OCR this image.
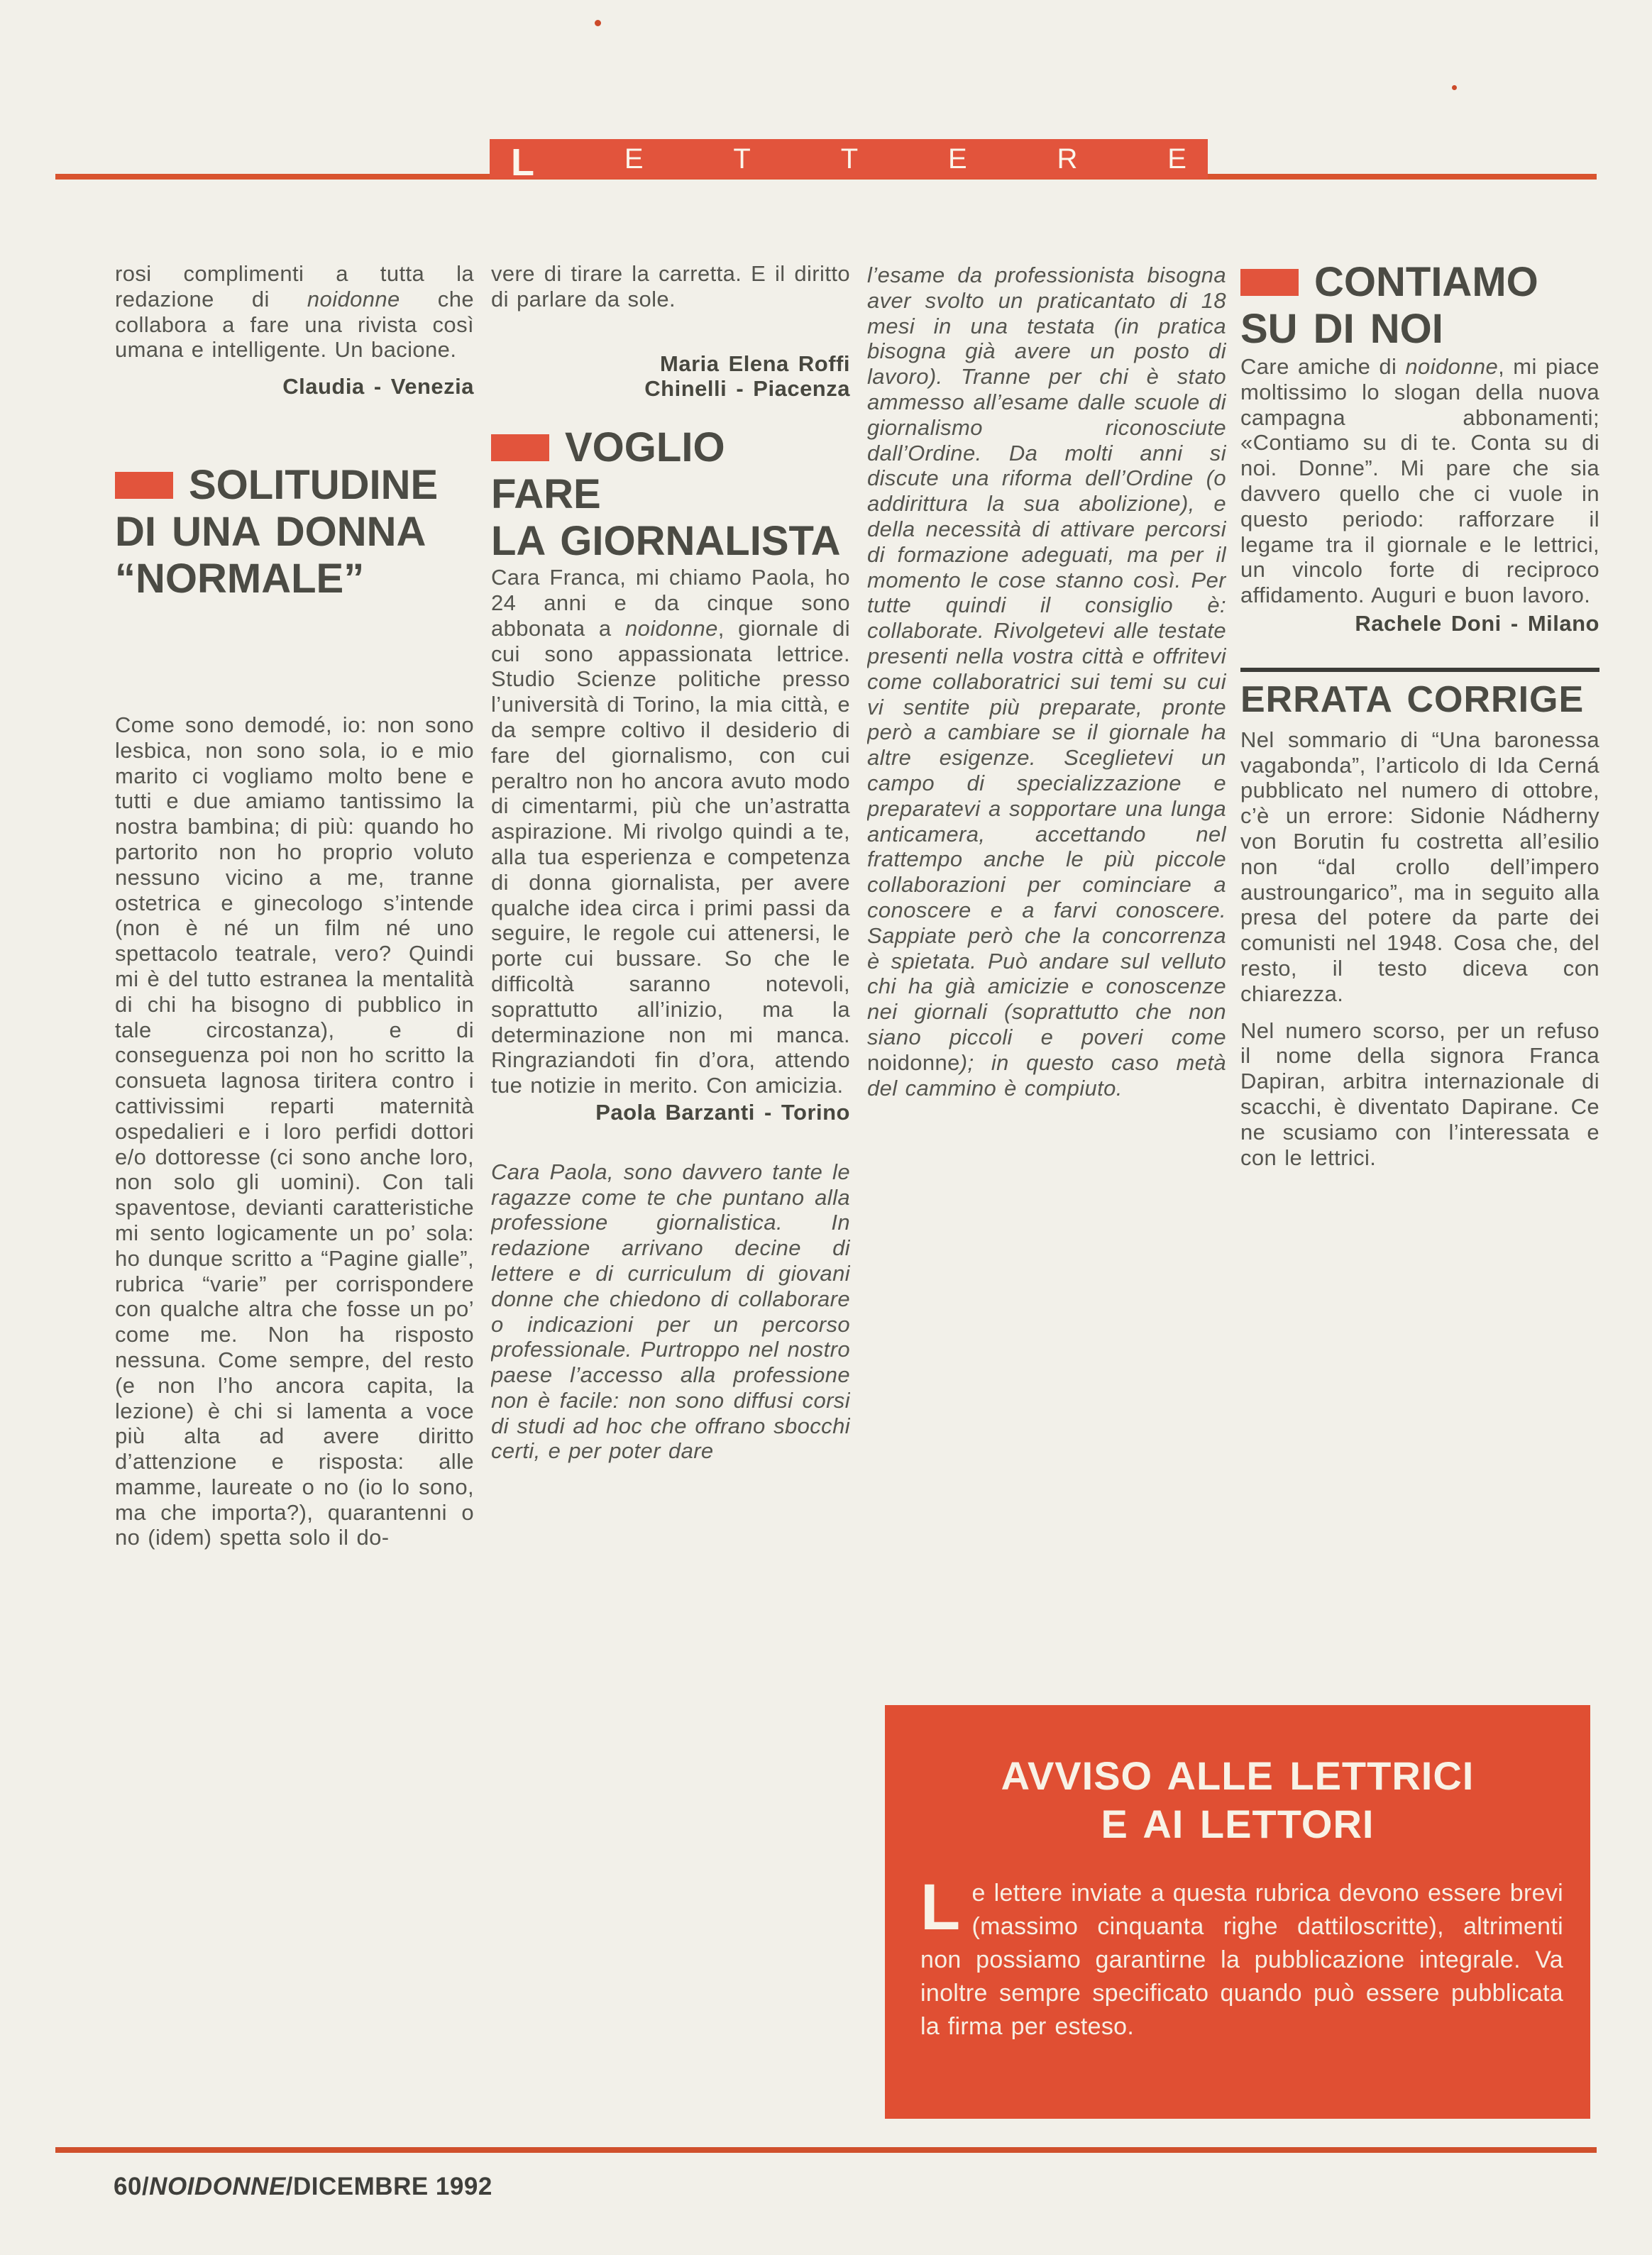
L	E	T	T	E	R	E

rosi complimenti a tutta la redazione di noidonne che collabora a fare una rivista così umana e intelligente. Un bacione.

Claudia - Venezia

SOLITUDINE
DI UNA DONNA
“NORMALE”

Come sono demodé, io: non sono lesbica, non sono sola, io e mio marito ci vogliamo molto bene e tutti e due amiamo tantissimo la nostra bambina; di più: quando ho partorito non ho proprio voluto nessuno vicino a me, tranne ostetrica e ginecologo s’intende (non è né un film né uno spettacolo teatrale, vero? Quindi mi è del tutto estranea la mentalità di chi ha bisogno di pubblico in tale circostanza), e di conseguenza poi non ho scritto la consueta lagnosa tiritera contro i cattivissimi reparti maternità ospedalieri e i loro perfidi dottori e/o dottoresse (ci sono anche loro, non solo gli uomini). Con tali spaventose, devianti caratteristiche mi sento logicamente un po’ sola: ho dunque scritto a “Pagine gialle”, rubrica “varie” per corrispondere con qualche altra che fosse un po’ come me. Non ha risposto nessuna. Come sempre, del resto (e non l’ho ancora capita, la lezione) è chi si lamenta a voce più alta ad avere diritto d’attenzione e risposta: alle mamme, laureate o no (io lo sono, ma che importa?), quarantenni o no (idem) spetta solo il do-

vere di tirare la carretta. E il diritto di parlare da sole.

Maria Elena Roffi
Chinelli - Piacenza
VOGLIO FARE
LA GIORNALISTA

Cara Franca, mi chiamo Paola, ho 24 anni e da cinque sono abbonata a noidonne, giornale di cui sono appassionata lettrice. Studio Scienze politiche presso l’università di Torino, la mia città, e da sempre coltivo il desiderio di fare del giornalismo, con cui peraltro non ho ancora avuto modo di cimentarmi, più che un’astratta aspirazione. Mi rivolgo quindi a te, alla tua esperienza e competenza di donna giornalista, per avere qualche idea circa i primi passi da seguire, le regole cui attenersi, le porte cui bussare. So che le difficoltà saranno notevoli, soprattutto all’inizio, ma la determinazione non mi manca. Ringraziandoti fin d’ora, attendo tue notizie in merito. Con amicizia.

Paola Barzanti - Torino

Cara Paola, sono davvero tante le ragazze come te che puntano alla professione giornalistica. In redazione arrivano decine di lettere e di curriculum di giovani donne che chiedono di collaborare o indicazioni per un percorso professionale. Purtroppo nel nostro paese l’accesso alla professione non è facile: non sono diffusi corsi di studi ad hoc che offrano sbocchi certi, e per poter dare

l’esame da professionista bisogna aver svolto un praticantato di 18 mesi in una testata (in pratica bisogna già avere un posto di lavoro). Tranne per chi è stato ammesso all’esame dalle scuole di giornalismo riconosciute dall’Ordine. Da molti anni si discute una riforma dell’Ordine (o addirittura la sua abolizione), e della necessità di attivare percorsi di formazione adeguati, ma per il momento le cose stanno così. Per tutte quindi il consiglio è: collaborate. Rivolgetevi alle testate presenti nella vostra città e offritevi come collaboratrici sui temi su cui vi sentite più preparate, pronte però a cambiare se il giornale ha altre esigenze. Sceglietevi un campo di specializzazione e preparatevi a sopportare una lunga anticamera, accettando nel frattempo anche le più piccole collaborazioni per cominciare a conoscere e a farvi conoscere. Sappiate però che la concorrenza è spietata. Può andare sul velluto chi ha già amicizie e conoscenze nei giornali (soprattutto che non siano piccoli e poveri come noidonne); in questo caso metà del cammino è compiuto.

CONTIAMO
SU DI NOI

Care amiche di noidonne, mi piace moltissimo lo slogan della nuova campagna abbonamenti; «Contiamo su di te. Conta su di noi. Donne”. Mi pare che sia davvero quello che ci vuole in questo periodo: rafforzare il legame tra il giornale e le lettrici, un vincolo forte di reciproco affidamento. Auguri e buon lavoro.

Rachele Doni - Milano

ERRATA CORRIGE

Nel sommario di “Una baronessa vagabonda”, l’articolo di Ida Cerná pubblicato nel numero di ottobre, c’è un errore: Sidonie Nádherny von Borutin fu costretta all’esilio non “dal crollo dell’impero austroungarico”, ma in seguito alla presa del potere da parte dei comunisti nel 1948. Cosa che, del resto, il testo diceva con chiarezza.

Nel numero scorso, per un refuso il nome della signora Franca Dapiran, arbitra internazionale di scacchi, è diventato Dapirane. Ce ne scusiamo con l’interessata e con le lettrici.

AVVISO ALLE LETTRICI
E AI LETTORI
Le lettere inviate a questa rubrica devono essere brevi (massimo cinquanta righe dattiloscritte), altrimenti non possiamo garantirne la pubblicazione integrale. Va inoltre sempre specificato quando può essere pubblicata la firma per esteso.
60/NOIDONNE/DICEMBRE 1992
